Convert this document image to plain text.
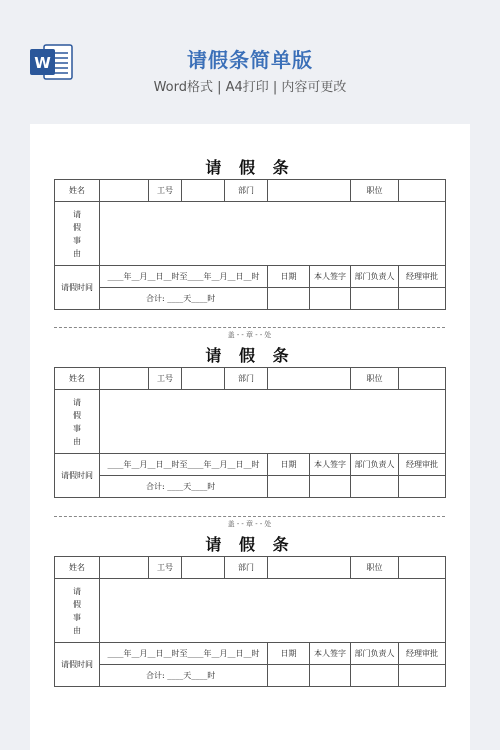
W	请假条简单版
Word格式 | A4打印 | 内容可更改
请 假 条
姓名		工号		部门			职位	
请
假
事
由								
请假时间	____年__月__日__时至____年__月__日__时				日期	本人签字	部门负责人	经理审批
	合计: ____天____时							
盖 - - 章 - - 处
请 假 条
姓名		工号		部门			职位	
请
假
事
由								
请假时间	____年__月__日__时至____年__月__日__时				日期	本人签字	部门负责人	经理审批
	合计: ____天____时							
盖 - - 章 - - 处
请 假 条
姓名		工号		部门			职位	
请
假
事
由								
请假时间	____年__月__日__时至____年__月__日__时				日期	本人签字	部门负责人	经理审批
	合计: ____天____时							
